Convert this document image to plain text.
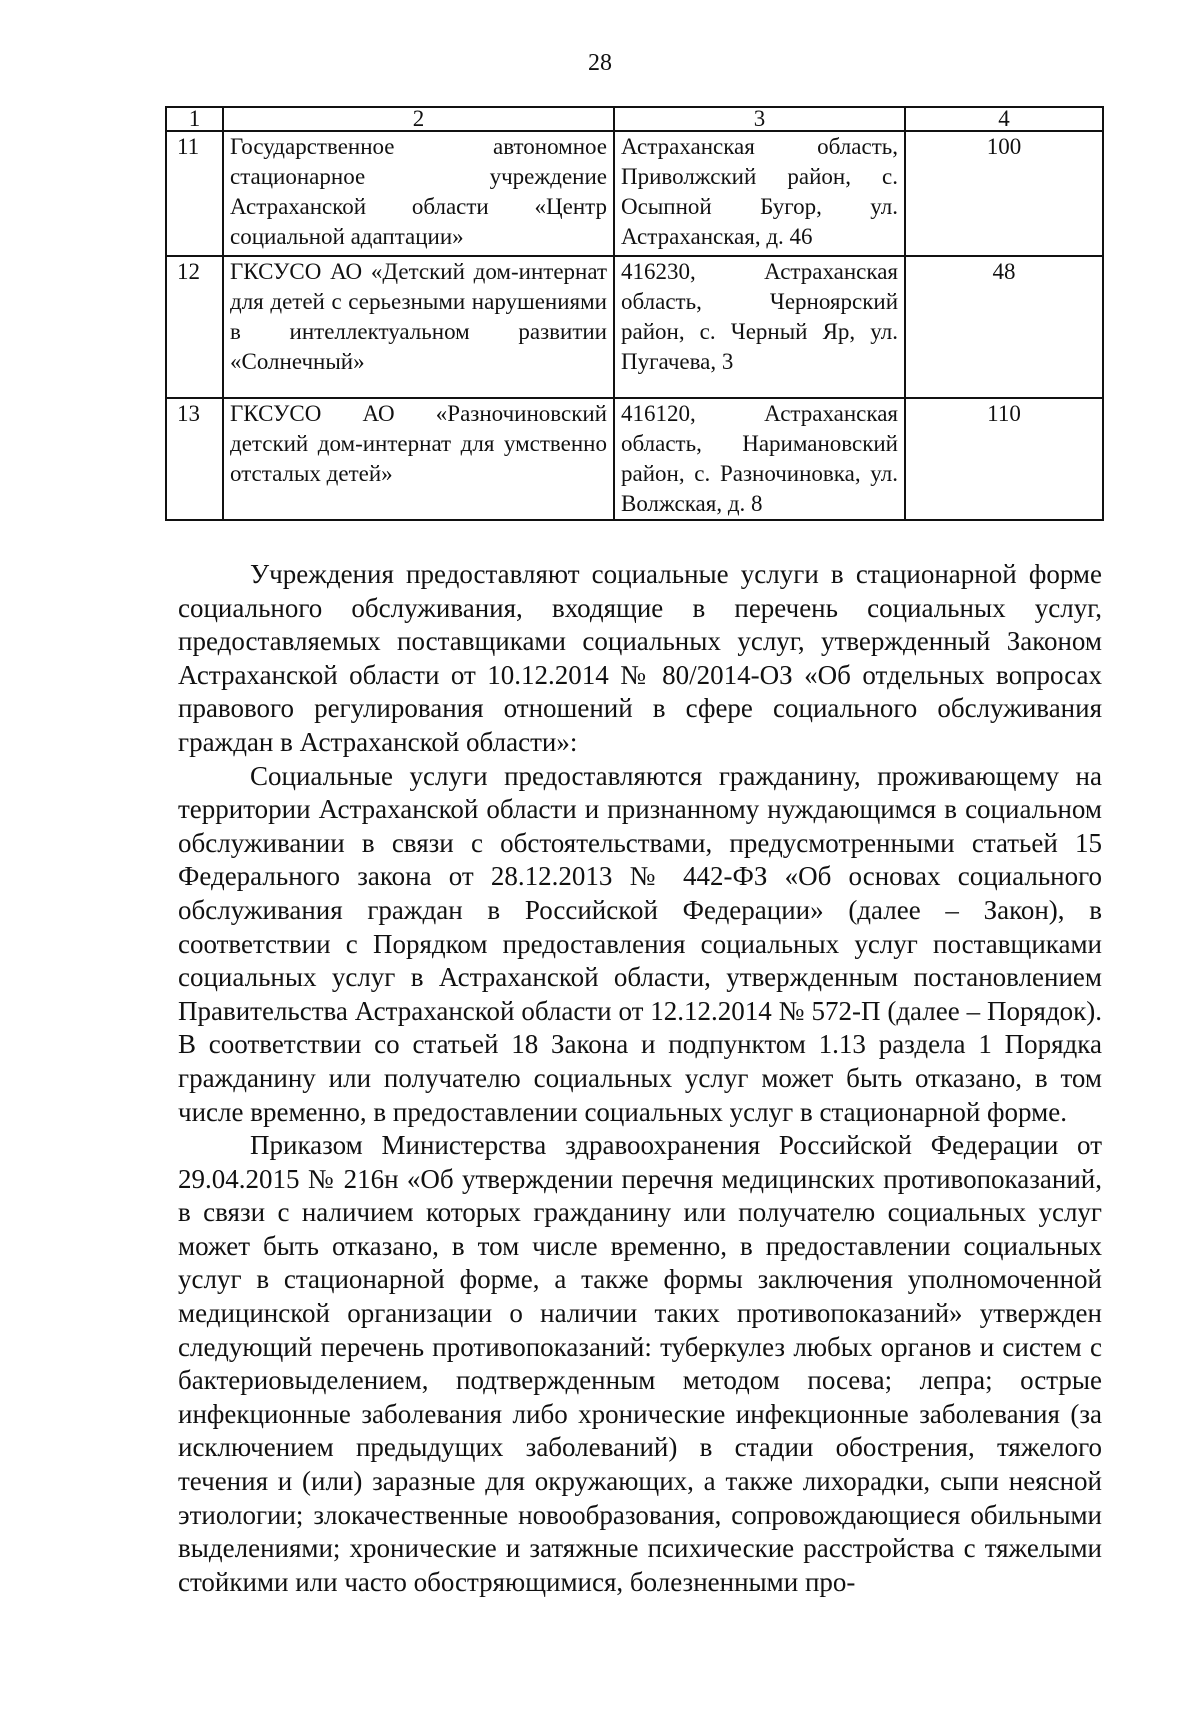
28
1	2	3	4
11	Государственное автономное стационарное учреждение Астраханской области «Центр социальной адаптации»	Астраханская область, Приволжский район, с. Осыпной Бугор, ул. Астраханская, д. 46	100
12	ГКСУСО АО «Детский дом-интернат для детей с серьезными нарушениями в интеллектуальном развитии «Солнечный»	416230, Астраханская область, Черноярский район, с. Черный Яр, ул. Пугачева, 3	48
13	ГКСУСО АО «Разночиновский детский дом-интернат для умственно отсталых детей»	416120, Астраханская область, Наримановский район, с. Разночиновка, ул. Волжская, д. 8	110

Учреждения предоставляют социальные услуги в стационарной форме социального обслуживания, входящие в перечень социальных услуг, предоставляемых поставщиками социальных услуг, утвержденный Законом Астраханской области от 10.12.2014 № 80/2014-ОЗ «Об отдельных вопросах правового регулирования отношений в сфере социального обслуживания граждан в Астраханской области»:

Социальные услуги предоставляются гражданину, проживающему на территории Астраханской области и признанному нуждающимся в социальном обслуживании в связи с обстоятельствами, предусмотренными статьей 15 Федерального закона от 28.12.2013 № 442-ФЗ «Об основах социального обслуживания граждан в Российской Федерации» (далее – Закон), в соответствии с Порядком предоставления социальных услуг поставщиками социальных услуг в Астраханской области, утвержденным постановлением Правительства Астраханской области от 12.12.2014 № 572-П (далее – Порядок). В соответствии со статьей 18 Закона и подпунктом 1.13 раздела 1 Порядка гражданину или получателю социальных услуг может быть отказано, в том числе временно, в предоставлении социальных услуг в стационарной форме.

Приказом Министерства здравоохранения Российской Федерации от 29.04.2015 № 216н «Об утверждении перечня медицинских противопоказаний, в связи с наличием которых гражданину или получателю социальных услуг может быть отказано, в том числе временно, в предоставлении социальных услуг в стационарной форме, а также формы заключения уполномоченной медицинской организации о наличии таких противопоказаний» утвержден следующий перечень противопоказаний: туберкулез любых органов и систем с бактериовыделением, подтвержденным методом посева; лепра; острые инфекционные заболевания либо хронические инфекционные заболевания (за исключением предыдущих заболеваний) в стадии обострения, тяжелого течения и (или) заразные для окружающих, а также лихорадки, сыпи неясной этиологии; злокачественные новообразования, сопровождающиеся обильными выделениями; хронические и затяжные психические расстройства с тяжелыми стойкими или часто обостряющимися, болезненными про-
